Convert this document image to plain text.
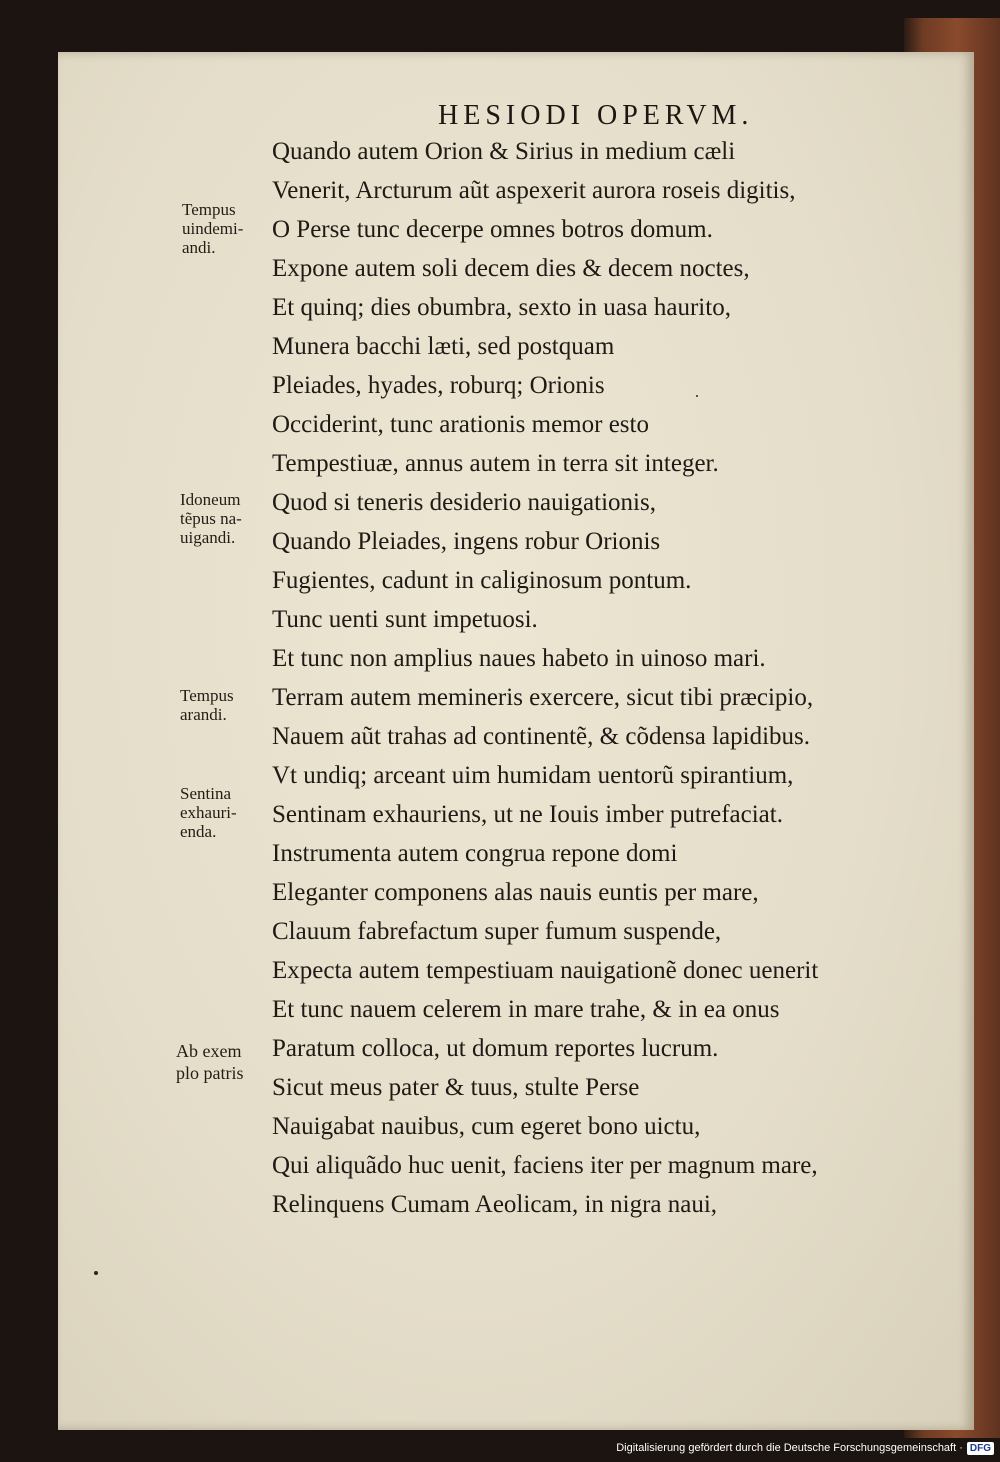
HESIODI OPERVM.
Quando autem Orion & Sirius in medium cæli
Venerit, Arcturum aũt aspexerit aurora roseis digitis,
O Perse tunc decerpe omnes botros domum.
Expone autem soli decem dies & decem noctes,
Et quinq; dies obumbra, sexto in uasa haurito,
Munera bacchi læti, sed postquam
Pleiades, hyades, roburq; Orionis
Occiderint, tunc arationis memor esto
Tempestiuæ, annus autem in terra sit integer.
Quod si teneris desiderio nauigationis,
Quando Pleiades, ingens robur Orionis
Fugientes, cadunt in caliginosum pontum.
Tunc uenti sunt impetuosi.
Et tunc non amplius naues habeto in uinoso mari.
Terram autem memineris exercere, sicut tibi præcipio,
Nauem aũt trahas ad continentẽ, & cõdensa lapidibus.
Vt undiq; arceant uim humidam uentorũ spirantium,
Sentinam exhauriens, ut ne Iouis imber putrefaciat.
Instrumenta autem congrua repone domi
Eleganter componens alas nauis euntis per mare,
Clauum fabrefactum super fumum suspende,
Expecta autem tempestiuam nauigationẽ donec uenerit
Et tunc nauem celerem in mare trahe, & in ea onus
Paratum colloca, ut domum reportes lucrum.
Sicut meus pater & tuus, stulte Perse
Nauigabat nauibus, cum egeret bono uictu,
Qui aliquãdo huc uenit, faciens iter per magnum mare,
Relinquens Cumam Aeolicam, in nigra naui,
Tempus
uindemi-
andi.
Idoneum
tẽpus na-
uigandi.
Tempus
arandi.
Sentina
exhauri-
enda.
Ab exem
plo patris
Digitalisierung gefördert durch die Deutsche Forschungsgemeinschaft · DFG
